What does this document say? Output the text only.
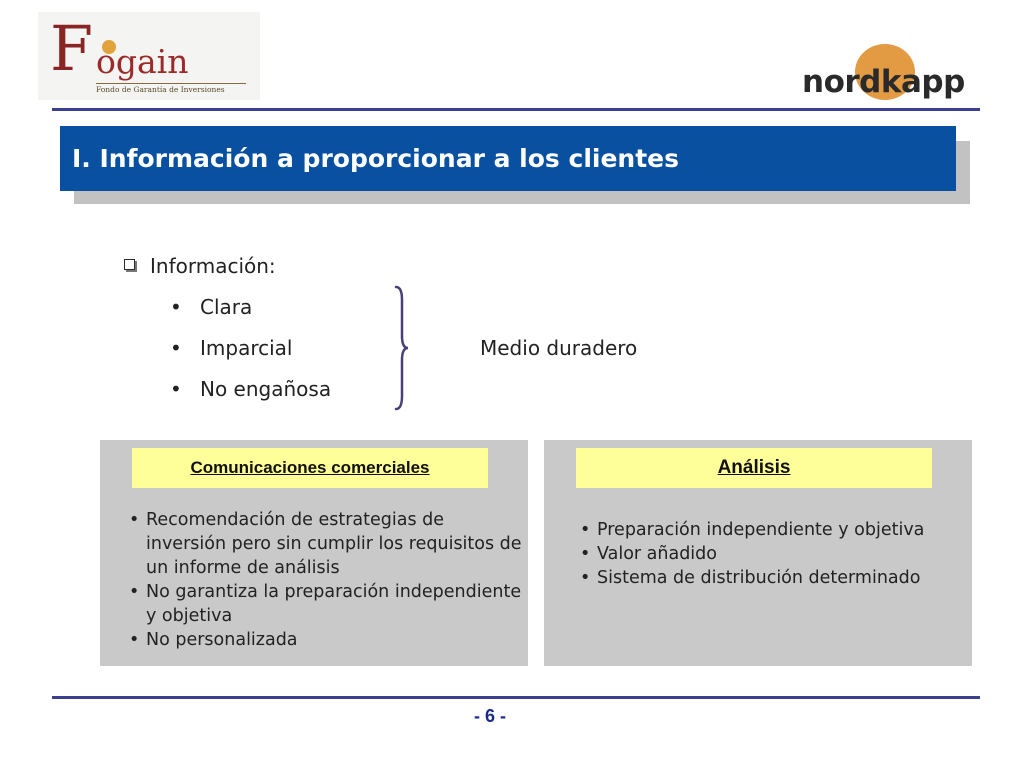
F ogain
Fondo de Garantía de Inversiones	nordkapp
I. Información a proporcionar a los clientes
Información:
• Clara
• Imparcial
• No engañosa
Medio duradero
Comunicaciones comerciales
• Recomendación de estrategias de inversión pero sin cumplir los requisitos de un informe de análisis
• No garantiza la preparación independiente y objetiva
• No personalizada
Análisis
• Preparación independiente y objetiva
• Valor añadido
• Sistema de distribución determinado
- 6 -
